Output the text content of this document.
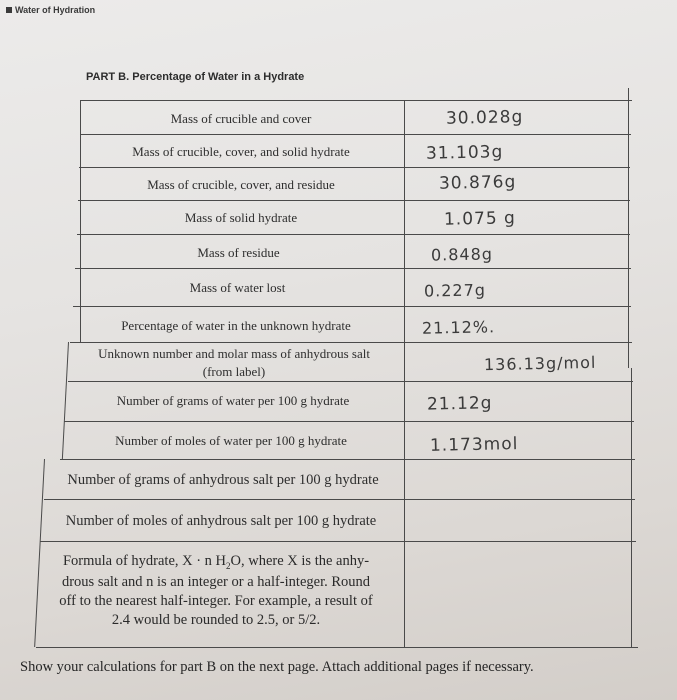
Water of Hydration
PART B. Percentage of Water in a Hydrate
Mass of crucible and cover
Mass of crucible, cover, and solid hydrate
Mass of crucible, cover, and residue
Mass of solid hydrate
Mass of residue
Mass of water lost
Percentage of water in the unknown hydrate
Unknown number and molar mass of anhydrous salt
(from label)
Number of grams of water per 100 g hydrate
Number of moles of water per 100 g hydrate
Number of grams of anhydrous salt per 100 g hydrate
Number of moles of anhydrous salt per 100 g hydrate
Formula of hydrate, X · n $H_2O$, where X is the anhy-
drous salt and n is an integer or a half-integer. Round
off to the nearest half-integer. For example, a result of
2.4 would be rounded to 2.5, or 5/2.
30.028g
31.103g
30.876g
1.075 g
0.848g
0.227g
21.12%.
136.13g/mol
21.12g
1.173mol
Show your calculations for part B on the next page. Attach additional pages if necessary.
